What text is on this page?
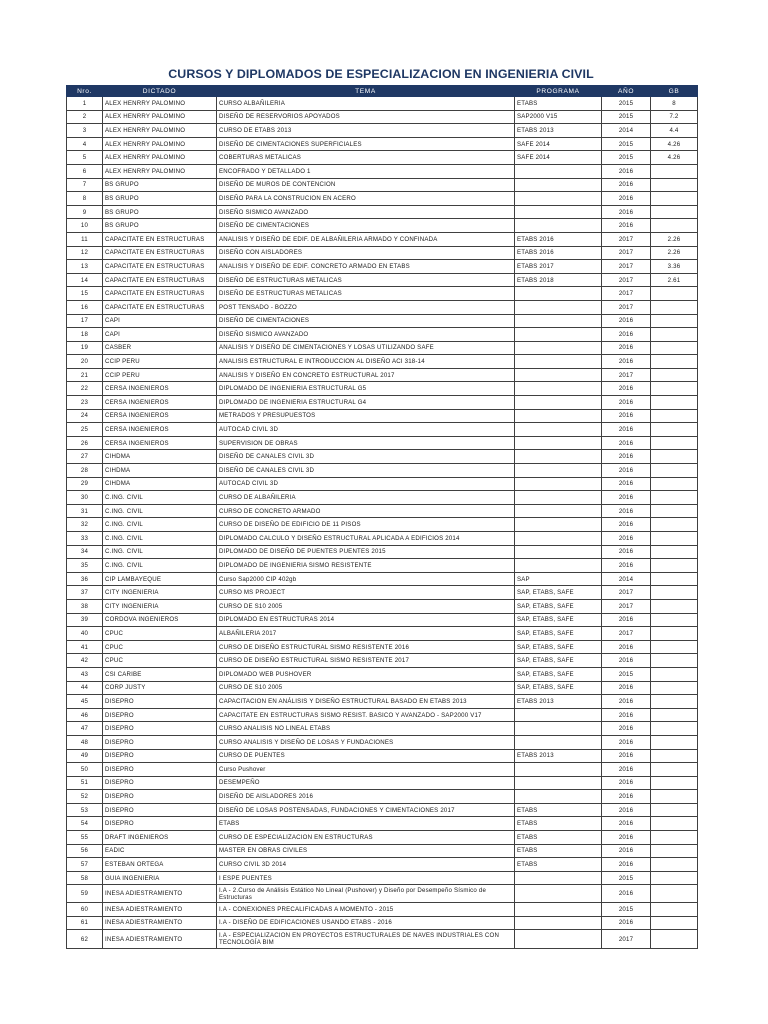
CURSOS Y DIPLOMADOS DE ESPECIALIZACION EN INGENIERIA CIVIL
Nro.	DICTADO	TEMA	PROGRAMA	AÑO	GB
1	ALEX HENRRY PALOMINO	CURSO ALBAÑILERIA	ETABS	2015	8
2	ALEX HENRRY PALOMINO	DISEÑO DE RESERVORIOS APOYADOS	SAP2000 V15	2015	7.2
3	ALEX HENRRY PALOMINO	CURSO DE ETABS 2013	ETABS 2013	2014	4.4
4	ALEX HENRRY PALOMINO	DISEÑO DE CIMENTACIONES SUPERFICIALES	SAFE 2014	2015	4.26
5	ALEX HENRRY PALOMINO	COBERTURAS METALICAS	SAFE 2014	2015	4.26
6	ALEX HENRRY PALOMINO	ENCOFRADO Y DETALLADO 1		2016	
7	BS GRUPO	DISEÑO DE MUROS DE CONTENCION		2016	
8	BS GRUPO	DISEÑO PARA LA CONSTRUCION EN ACERO		2016	
9	BS GRUPO	DISEÑO SISMICO AVANZADO		2016	
10	BS GRUPO	DISEÑO DE CIMENTACIONES		2016	
11	CAPACITATE EN ESTRUCTURAS	ANALISIS Y DISEÑO DE EDIF. DE ALBAÑILERIA ARMADO Y CONFINADA	ETABS 2016	2017	2.26
12	CAPACITATE EN ESTRUCTURAS	DISEÑO CON AISLADORES	ETABS 2016	2017	2.26
13	CAPACITATE EN ESTRUCTURAS	ANALISIS Y DISEÑO DE EDIF. CONCRETO ARMADO EN ETABS	ETABS 2017	2017	3.36
14	CAPACITATE EN ESTRUCTURAS	DISEÑO DE ESTRUCTURAS METALICAS	ETABS 2018	2017	2.61
15	CAPACITATE EN ESTRUCTURAS	DISEÑO DE ESTRUCTURAS METALICAS		2017	
16	CAPACITATE EN ESTRUCTURAS	POST TENSADO - BOZZO		2017	
17	CAPI	DISEÑO DE CIMENTACIONES		2016	
18	CAPI	DISEÑO SISMICO AVANZADO		2016	
19	CASBER	ANALISIS Y DISEÑO DE CIMENTACIONES Y LOSAS UTILIZANDO SAFE		2016	
20	CCIP PERU	ANALISIS ESTRUCTURAL E INTRODUCCION AL DISEÑO ACI 318-14		2016	
21	CCIP PERU	ANALISIS Y DISEÑO EN CONCRETO ESTRUCTURAL 2017		2017	
22	CERSA INGENIEROS	DIPLOMADO DE INGENIERIA ESTRUCTURAL G5		2016	
23	CERSA INGENIEROS	DIPLOMADO DE INGENIERIA ESTRUCTURAL G4		2016	
24	CERSA INGENIEROS	METRADOS Y PRESUPUESTOS		2016	
25	CERSA INGENIEROS	AUTOCAD CIVIL 3D		2016	
26	CERSA INGENIEROS	SUPERVISION DE OBRAS		2016	
27	CIHDMA	DISEÑO DE CANALES CIVIL 3D		2016	
28	CIHDMA	DISEÑO DE CANALES CIVIL 3D		2016	
29	CIHDMA	AUTOCAD CIVIL 3D		2016	
30	C.ING. CIVIL	CURSO DE ALBAÑILERIA		2016	
31	C.ING. CIVIL	CURSO DE CONCRETO ARMADO		2016	
32	C.ING. CIVIL	CURSO DE DISEÑO DE EDIFICIO DE 11 PISOS		2016	
33	C.ING. CIVIL	DIPLOMADO CALCULO Y DISEÑO ESTRUCTURAL APLICADA A EDIFICIOS 2014		2016	
34	C.ING. CIVIL	DIPLOMADO DE DISEÑO DE PUENTES PUENTES 2015		2016	
35	C.ING. CIVIL	DIPLOMADO DE INGENIERIA SISMO RESISTENTE		2016	
36	CIP LAMBAYEQUE	Curso Sap2000 CIP 402gb	SAP	2014	
37	CITY INGENIERIA	CURSO MS PROJECT	SAP, ETABS, SAFE	2017	
38	CITY INGENIERIA	CURSO DE S10 2005	SAP, ETABS, SAFE	2017	
39	CORDOVA INGENIEROS	DIPLOMADO EN ESTRUCTURAS 2014	SAP, ETABS, SAFE	2016	
40	CPUC	ALBAÑILERIA 2017	SAP, ETABS, SAFE	2017	
41	CPUC	CURSO DE DISEÑO ESTRUCTURAL SISMO RESISTENTE 2016	SAP, ETABS, SAFE	2016	
42	CPUC	CURSO DE DISEÑO ESTRUCTURAL SISMO RESISTENTE 2017	SAP, ETABS, SAFE	2016	
43	CSI CARIBE	DIPLOMADO WEB PUSHOVER	SAP, ETABS, SAFE	2015	
44	CORP JUSTY	CURSO DE S10 2005	SAP, ETABS, SAFE	2016	
45	DISEPRO	CAPACITACION EN ANÁLISIS Y DISEÑO ESTRUCTURAL BASADO EN ETABS 2013	ETABS 2013	2016	
46	DISEPRO	CAPACITATE EN ESTRUCTURAS SISMO RESIST. BASICO Y AVANZADO - SAP2000 V17		2016	
47	DISEPRO	CURSO ANALISIS NO LINEAL ETABS		2016	
48	DISEPRO	CURSO ANALISIS Y DISEÑO DE LOSAS Y FUNDACIONES		2016	
49	DISEPRO	CURSO DE PUENTES	ETABS 2013	2016	
50	DISEPRO	Curso Pushover		2016	
51	DISEPRO	DESEMPEÑO		2016	
52	DISEPRO	DISEÑO DE AISLADORES 2016		2016	
53	DISEPRO	DISEÑO DE LOSAS POSTENSADAS, FUNDACIONES Y CIMENTACIONES 2017	ETABS	2016	
54	DISEPRO	ETABS	ETABS	2016	
55	DRAFT INGENIEROS	CURSO DE ESPECIALIZACION EN ESTRUCTURAS	ETABS	2016	
56	EADIC	MASTER EN OBRAS CIVILES	ETABS	2016	
57	ESTEBAN ORTEGA	CURSO CIVIL 3D 2014	ETABS	2016	
58	GUIA INGENIERIA	I ESPE PUENTES		2015	
59	INESA ADIESTRAMIENTO	I.A - 2.Curso de Análisis Estático No Lineal (Pushover) y Diseño por Desempeño Sísmico de Estructuras		2016	
60	INESA ADIESTRAMIENTO	I.A - CONEXIONES PRECALIFICADAS A MOMENTO - 2015		2015	
61	INESA ADIESTRAMIENTO	I.A - DISEÑO DE EDIFICACIONES USANDO ETABS - 2016		2016	
62	INESA ADIESTRAMIENTO	I.A - ESPECIALIZACION EN PROYECTOS ESTRUCTURALES DE NAVES INDUSTRIALES CON TECNOLOGÍA BIM		2017	
